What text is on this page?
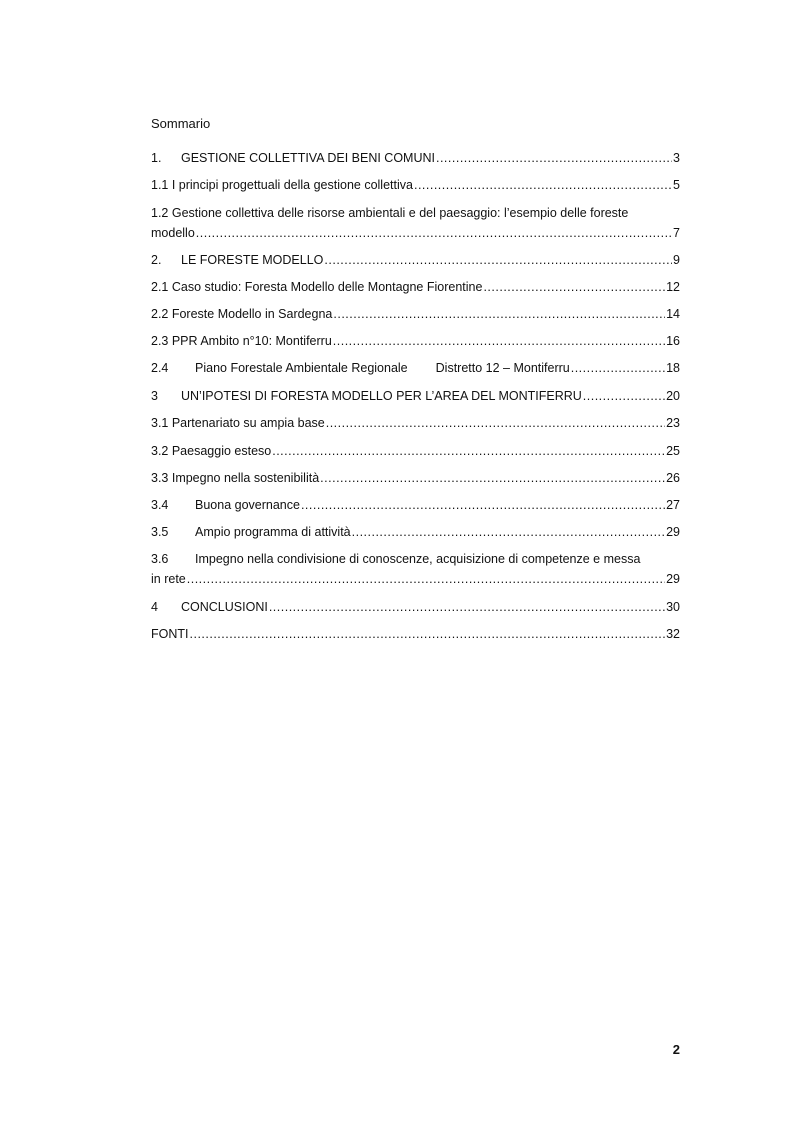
Sommario
1.	GESTIONE COLLETTIVA DEI BENI COMUNI .....	3
1.1 I principi progettuali della gestione collettiva .....	5
1.2 Gestione collettiva delle risorse ambientali e del paesaggio: l’esempio delle foreste
modello .....	7
2.	LE FORESTE MODELLO .....	9
2.1 Caso studio: Foresta Modello delle Montagne Fiorentine .....	12
2.2 Foreste Modello in Sardegna .....	14
2.3 PPR Ambito n°10: Montiferru .....	16
2.4	Piano Forestale Ambientale Regionale Distretto 12 – Montiferru .....	18
3	UN’IPOTESI DI FORESTA MODELLO PER L’AREA DEL MONTIFERRU .....	20
3.1 Partenariato su ampia base .....	23
3.2 Paesaggio esteso .....	25
3.3 Impegno nella sostenibilità .....	26
3.4	Buona governance .....	27
3.5	Ampio programma di attività .....	29
3.6	Impegno nella condivisione di conoscenze, acquisizione di competenze e messa
in rete .....	29
4	CONCLUSIONI .....	30
FONTI .....	32
2
